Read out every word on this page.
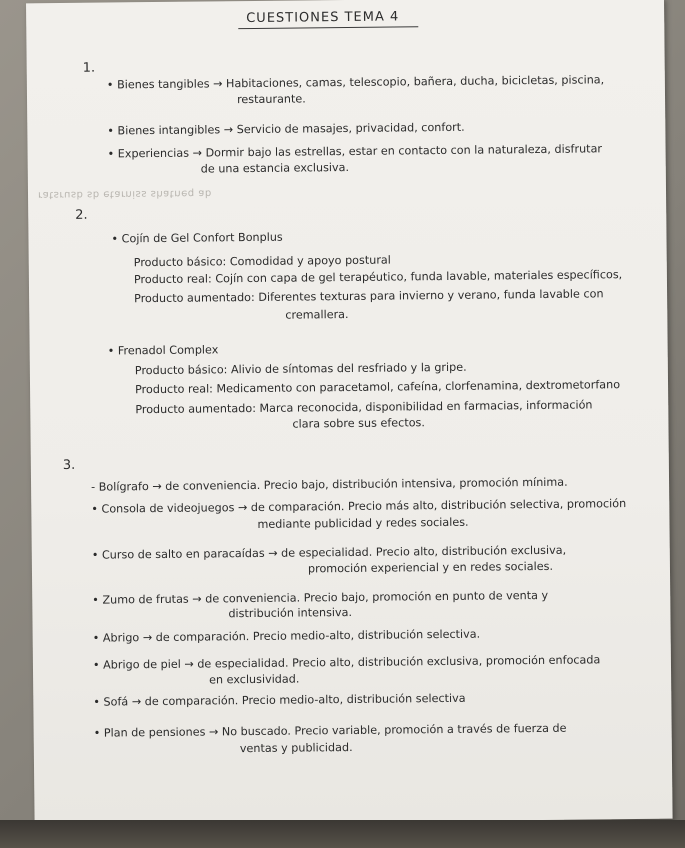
CUESTIONES TEMA 4
1.
• Bienes tangibles → Habitaciones, camas, telescopio, bañera, ducha, bicicletas, piscina,
restaurante.
• Bienes intangibles → Servicio de masajes, privacidad, confort.
• Experiencias → Dormir bajo las estrellas, estar en contacto con la naturaleza, disfrutar
de una estancia exclusiva.
ratsrusb sb etarniss shatneq ab
2.
• Cojín de Gel Confort Bonplus
Producto básico: Comodidad y apoyo postural
Producto real: Cojín con capa de gel terapéutico, funda lavable, materiales específicos,
Producto aumentado: Diferentes texturas para invierno y verano, funda lavable con
cremallera.
• Frenadol Complex
Producto básico: Alivio de síntomas del resfriado y la gripe.
Producto real: Medicamento con paracetamol, cafeína, clorfenamina, dextrometorfano
Producto aumentado: Marca reconocida, disponibilidad en farmacias, información
clara sobre sus efectos.
3.
- Bolígrafo → de conveniencia. Precio bajo, distribución intensiva, promoción mínima.
• Consola de videojuegos → de comparación. Precio más alto, distribución selectiva, promoción
mediante publicidad y redes sociales.
• Curso de salto en paracaídas → de especialidad. Precio alto, distribución exclusiva,
promoción experiencial y en redes sociales.
• Zumo de frutas → de conveniencia. Precio bajo, promoción en punto de venta y
distribución intensiva.
• Abrigo → de comparación. Precio medio-alto, distribución selectiva.
• Abrigo de piel → de especialidad. Precio alto, distribución exclusiva, promoción enfocada
en exclusividad.
• Sofá → de comparación. Precio medio-alto, distribución selectiva
• Plan de pensiones → No buscado. Precio variable, promoción a través de fuerza de
ventas y publicidad.
